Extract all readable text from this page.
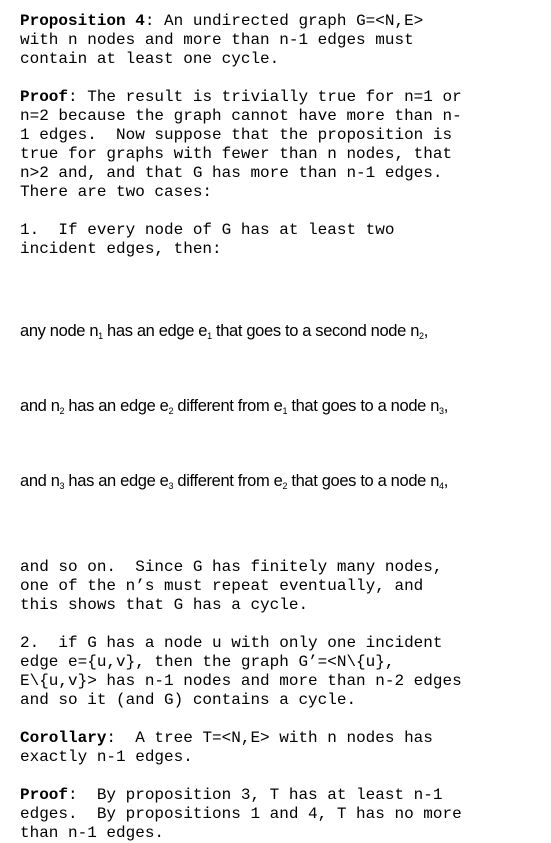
Proposition 4: An undirected graph G=<N,E>
with n nodes and more than n-1 edges must
contain at least one cycle.
Proof: The result is trivially true for n=1 or
n=2 because the graph cannot have more than n-
1 edges.  Now suppose that the proposition is
true for graphs with fewer than n nodes, that
n>2 and, and that G has more than n-1 edges.
There are two cases:
1.  If every node of G has at least two
incident edges, then:

any node $n_1$ has an edge $e_1$ that goes to a second node $n_2$,

and $n_2$ has an edge $e_2$ different from $e_1$ that goes to a node $n_3$,

and $n_3$ has an edge $e_3$ different from $e_2$ that goes to a node $n_4$,

and so on.  Since G has finitely many nodes,
one of the n’s must repeat eventually, and
this shows that G has a cycle.
2.  if G has a node u with only one incident
edge e={u,v}, then the graph G’=<N\{u},
E\{u,v}> has n-1 nodes and more than n-2 edges
and so it (and G) contains a cycle.
Corollary:  A tree T=<N,E> with n nodes has
exactly n-1 edges.
Proof:  By proposition 3, T has at least n-1
edges.  By propositions 1 and 4, T has no more
than n-1 edges.
